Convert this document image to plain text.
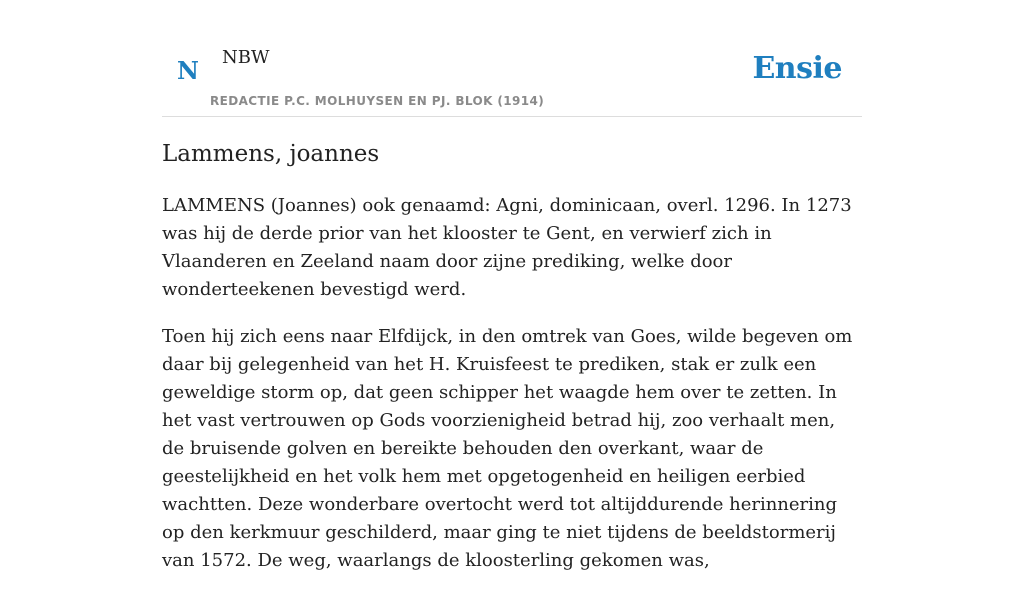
N NBW
REDACTIE P.C. MOLHUYSEN EN PJ. BLOK (1914)
Ensie
Lammens, joannes

LAMMENS (Joannes) ook genaamd: Agni, dominicaan, overl. 1296. In 1273 was hij de derde prior van het klooster te Gent, en verwierf zich in Vlaanderen en Zeeland naam door zijne prediking, welke door wonderteekenen bevestigd werd.

Toen hij zich eens naar Elfdijck, in den omtrek van Goes, wilde begeven om daar bij gelegenheid van het H. Kruisfeest te prediken, stak er zulk een geweldige storm op, dat geen schipper het waagde hem over te zetten. In het vast vertrouwen op Gods voorzienigheid betrad hij, zoo verhaalt men, de bruisende golven en bereikte behouden den overkant, waar de geestelijkheid en het volk hem met opgetogenheid en heiligen eerbied wachtten. Deze wonderbare overtocht werd tot altijddurende herinnering op den kerkmuur geschilderd, maar ging te niet tijdens de beeldstormerij van 1572. De weg, waarlangs de kloosterling gekomen was,
